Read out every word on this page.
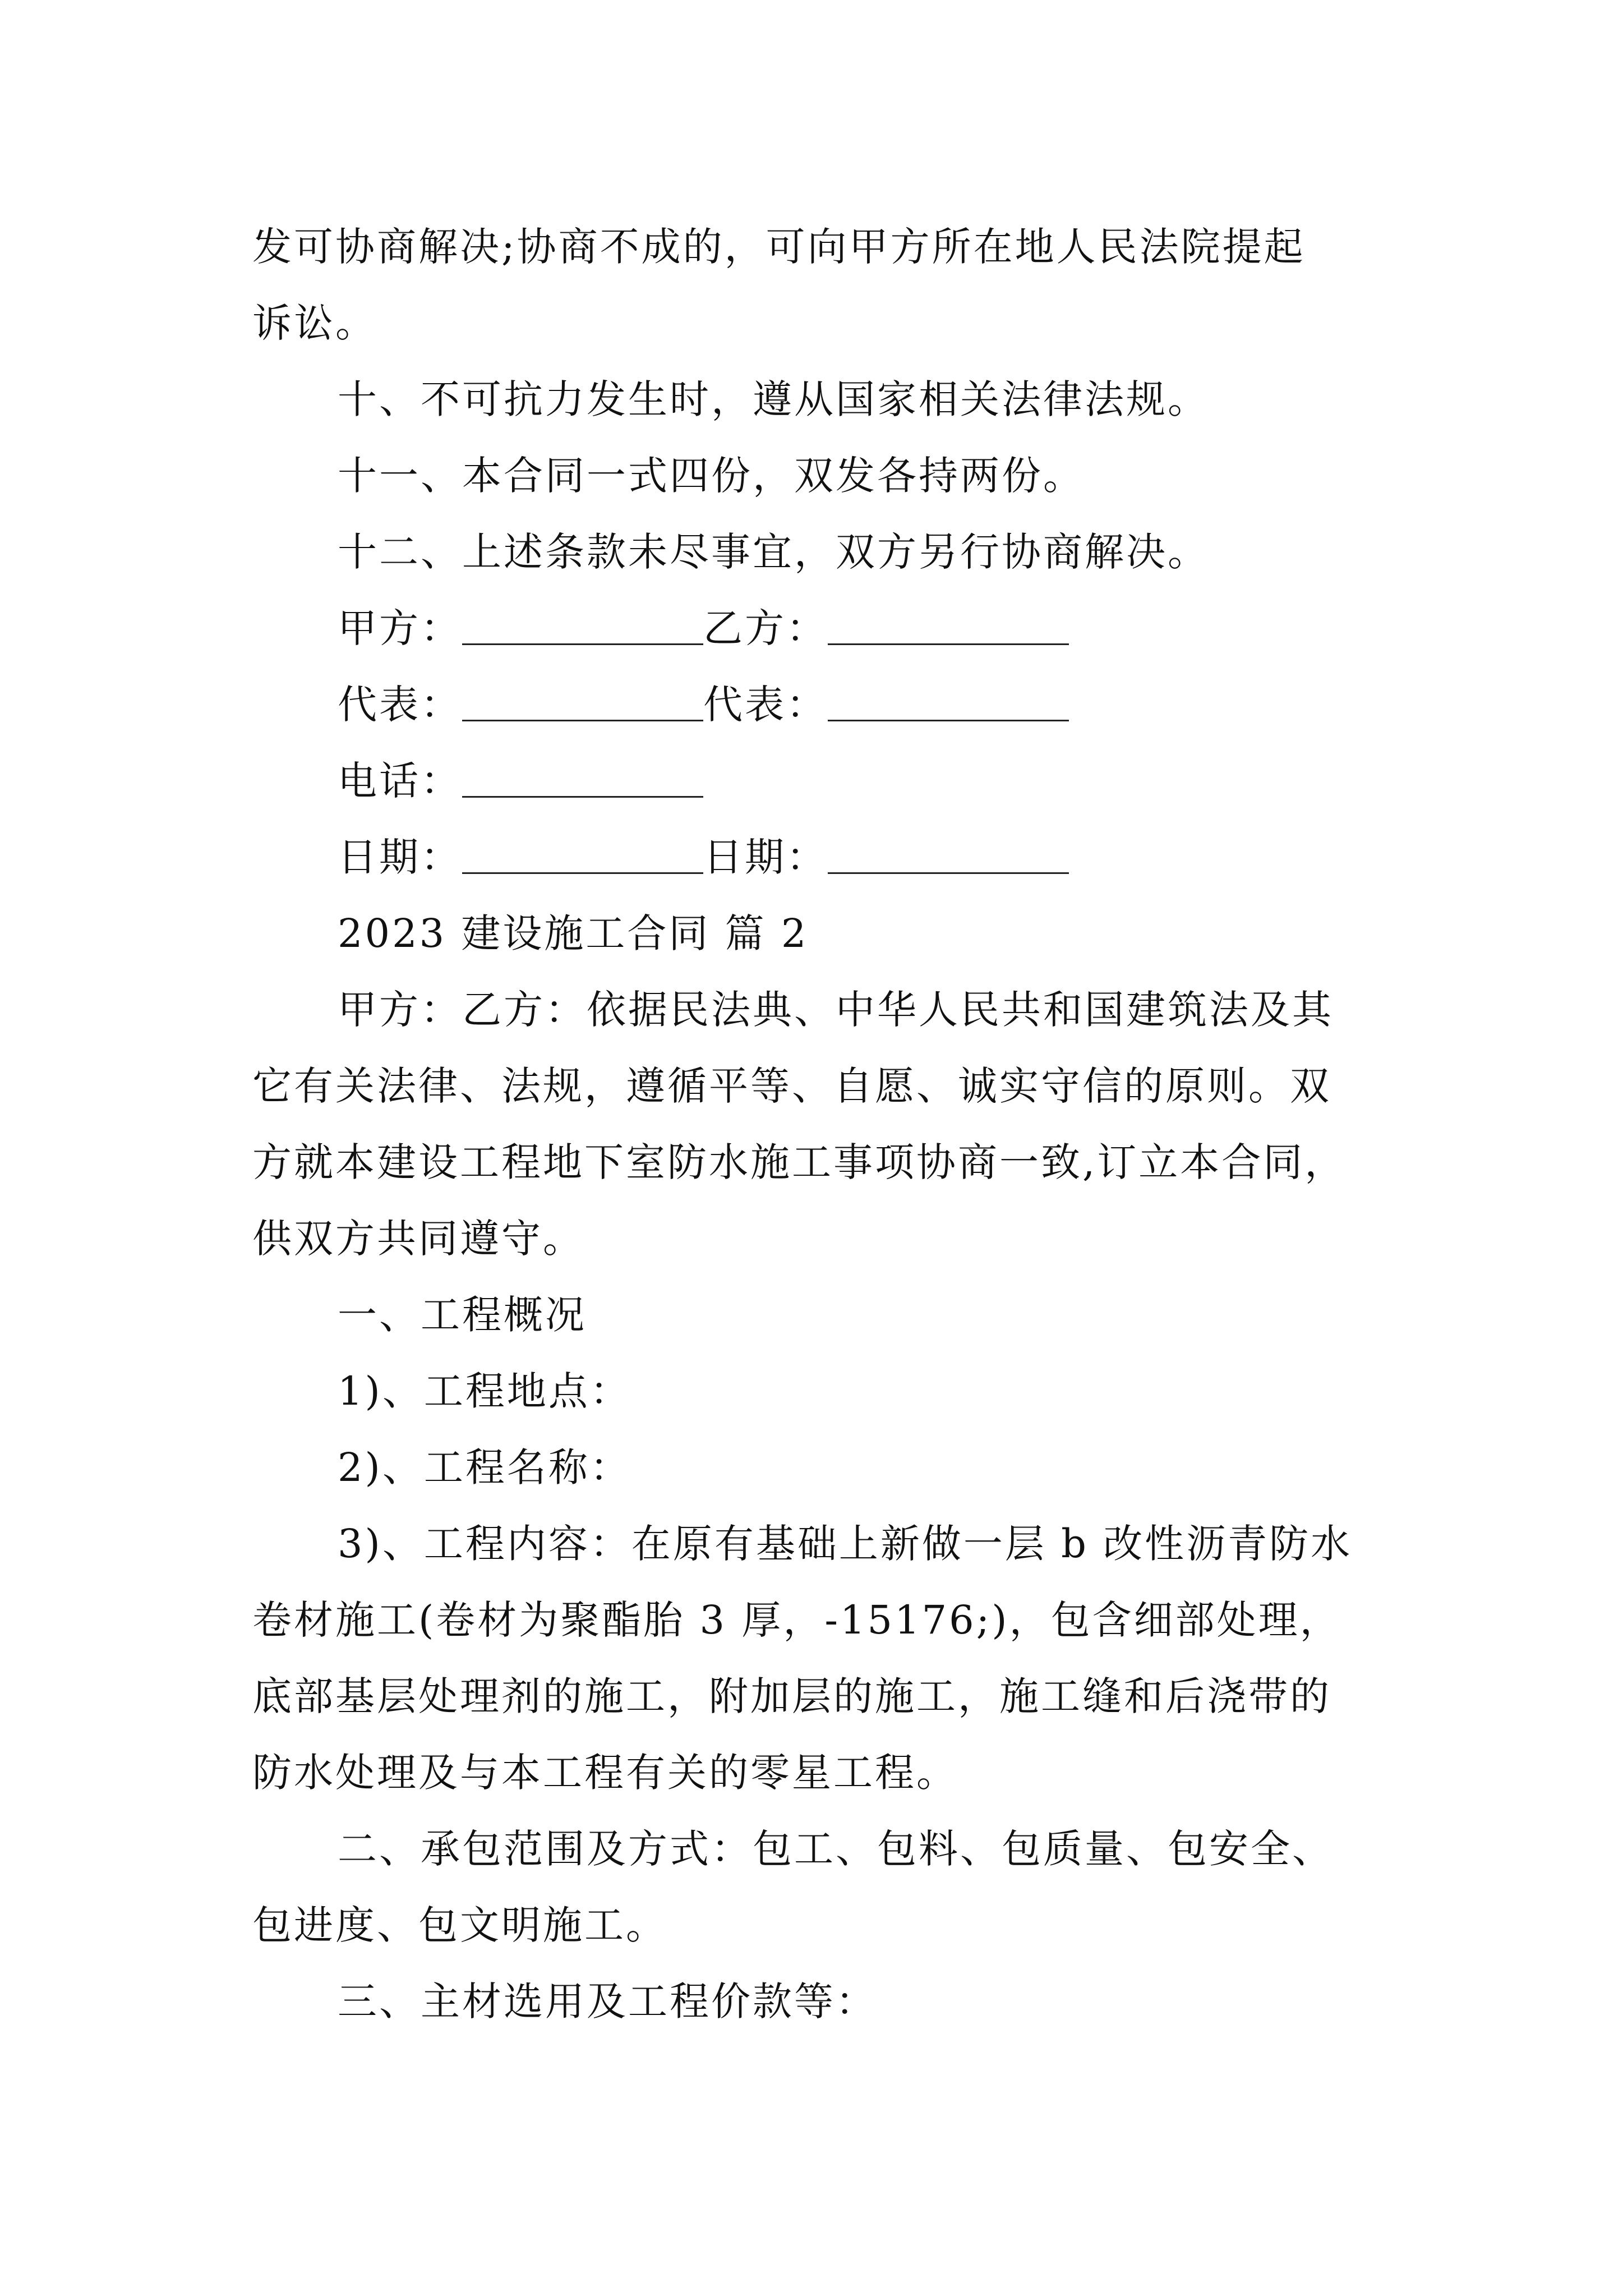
发可协商解决;协商不成的，可向甲方所在地人民法院提起
诉讼。
十、不可抗力发生时，遵从国家相关法律法规。
十一、本合同一式四份，双发各持两份。
十二、上述条款未尽事宜，双方另行协商解决。
甲方：	乙方：
代表：	代表：
电话：
日期：	日期：
2023 建设施工合同 篇 2
甲方：乙方：依据民法典、中华人民共和国建筑法及其
它有关法律、法规，遵循平等、自愿、诚实守信的原则。双
方就本建设工程地下室防水施工事项协商一致,订立本合同，
供双方共同遵守。
一、工程概况
1)、工程地点：
2)、工程名称：
3)、工程内容：在原有基础上新做一层 b 改性沥青防水
卷材施工(卷材为聚酯胎 3 厚，-15176;)，包含细部处理，
底部基层处理剂的施工，附加层的施工，施工缝和后浇带的
防水处理及与本工程有关的零星工程。
二、承包范围及方式：包工、包料、包质量、包安全、
包进度、包文明施工。
三、主材选用及工程价款等：
